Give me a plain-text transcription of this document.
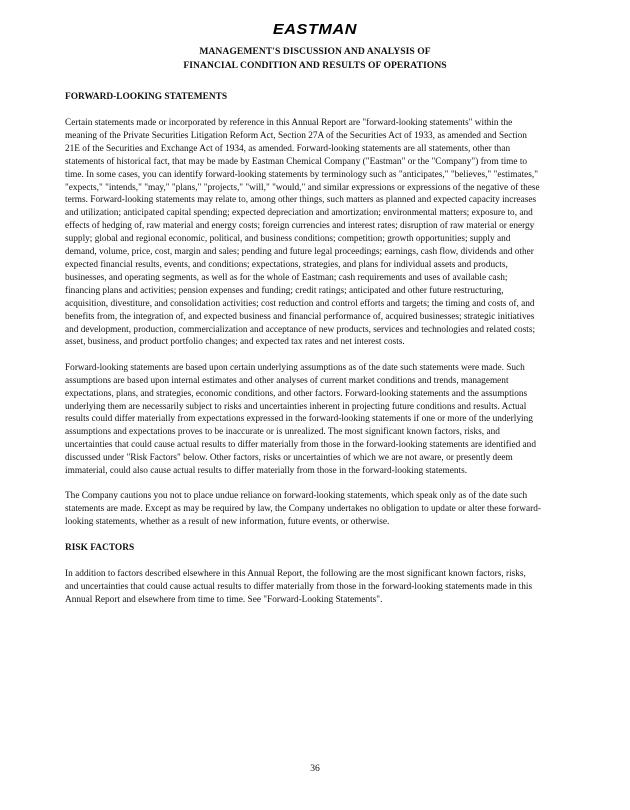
EASTMAN
MANAGEMENT'S DISCUSSION AND ANALYSIS OF
FINANCIAL CONDITION AND RESULTS OF OPERATIONS

FORWARD-LOOKING STATEMENTS

Certain statements made or incorporated by reference in this Annual Report are "forward-looking statements" within the
meaning of the Private Securities Litigation Reform Act, Section 27A of the Securities Act of 1933, as amended and Section
21E of the Securities and Exchange Act of 1934, as amended. Forward-looking statements are all statements, other than
statements of historical fact, that may be made by Eastman Chemical Company ("Eastman" or the "Company") from time to
time. In some cases, you can identify forward-looking statements by terminology such as "anticipates," "believes," "estimates,"
"expects," "intends," "may," "plans," "projects," "will," "would," and similar expressions or expressions of the negative of these
terms. Forward-looking statements may relate to, among other things, such matters as planned and expected capacity increases
and utilization; anticipated capital spending; expected depreciation and amortization; environmental matters; exposure to, and
effects of hedging of, raw material and energy costs; foreign currencies and interest rates; disruption of raw material or energy
supply; global and regional economic, political, and business conditions; competition; growth opportunities; supply and
demand, volume, price, cost, margin and sales; pending and future legal proceedings; earnings, cash flow, dividends and other
expected financial results, events, and conditions; expectations, strategies, and plans for individual assets and products,
businesses, and operating segments, as well as for the whole of Eastman; cash requirements and uses of available cash;
financing plans and activities; pension expenses and funding; credit ratings; anticipated and other future restructuring,
acquisition, divestiture, and consolidation activities; cost reduction and control efforts and targets; the timing and costs of, and
benefits from, the integration of, and expected business and financial performance of, acquired businesses; strategic initiatives
and development, production, commercialization and acceptance of new products, services and technologies and related costs;
asset, business, and product portfolio changes; and expected tax rates and net interest costs.

Forward-looking statements are based upon certain underlying assumptions as of the date such statements were made. Such
assumptions are based upon internal estimates and other analyses of current market conditions and trends, management
expectations, plans, and strategies, economic conditions, and other factors. Forward-looking statements and the assumptions
underlying them are necessarily subject to risks and uncertainties inherent in projecting future conditions and results. Actual
results could differ materially from expectations expressed in the forward-looking statements if one or more of the underlying
assumptions and expectations proves to be inaccurate or is unrealized. The most significant known factors, risks, and
uncertainties that could cause actual results to differ materially from those in the forward-looking statements are identified and
discussed under "Risk Factors" below. Other factors, risks or uncertainties of which we are not aware, or presently deem
immaterial, could also cause actual results to differ materially from those in the forward-looking statements.

The Company cautions you not to place undue reliance on forward-looking statements, which speak only as of the date such
statements are made. Except as may be required by law, the Company undertakes no obligation to update or alter these forward-
looking statements, whether as a result of new information, future events, or otherwise.

RISK FACTORS

In addition to factors described elsewhere in this Annual Report, the following are the most significant known factors, risks,
and uncertainties that could cause actual results to differ materially from those in the forward-looking statements made in this
Annual Report and elsewhere from time to time. See "Forward-Looking Statements".

36
